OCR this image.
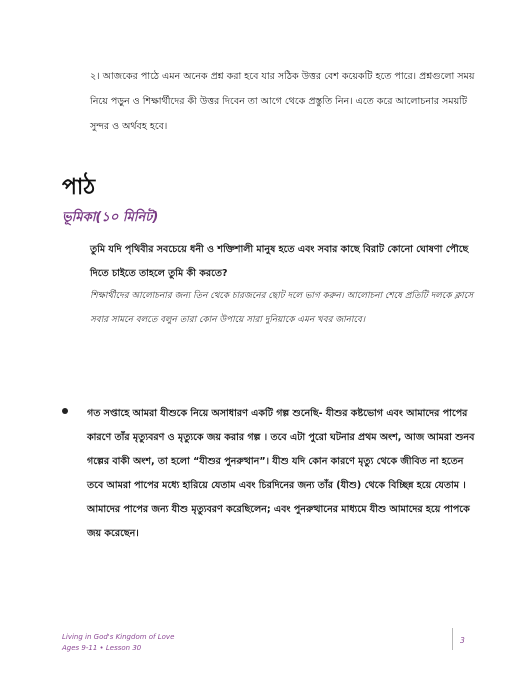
২। আজকের পাঠে এমন অনেক প্রশ্ন করা হবে যার সঠিক উত্তর বেশ কয়েকটি হতে পারে। প্রশ্নগুলো সময় নিয়ে পড়ুন ও শিক্ষার্থীদের কী উত্তর দিবেন তা আগে থেকে প্রস্তুতি নিন। এতে করে আলোচনার সময়টি সুন্দর ও অর্থবহ হবে।

পাঠ
ভূমিকা(১০ মিনিট)

তুমি যদি পৃথিবীর সবচেয়ে ধনী ও শক্তিশালী মানুষ হতে এবং সবার কাছে বিরাট কোনো ঘোষণা পৌছে দিতে চাইতে তাহলে তুমি কী করতে?

শিক্ষার্থীদের আলোচনার জন্য তিন থেকে চারজনের ছোট দলে ভাগ করুন। আলোচনা শেষে প্রতিটি দলকে ক্লাসে সবার সামনে বলতে বলুন তারা কোন উপায়ে সারা দুনিয়াকে এমন খবর জানাবে।

গত সপ্তাহে আমরা যীশুকে নিয়ে অসাধারণ একটি গল্প শুনেছি- যীশুর কষ্টভোগ এবং আমাদের পাপের কারণে তাঁর মৃত্যুবরণ ও মৃত্যুকে জয় করার গল্প । তবে এটা পুরো ঘটনার প্রথম অংশ, আজ আমরা শুনব গল্পের বাকী অংশ, তা হলো “যীশুর পুনরুত্থান”। যীশু যদি কোন কারণে মৃত্যু থেকে জীবিত না হতেন তবে আমরা পাপের মধ্যে হারিয়ে যেতাম এবং চিরদিনের জন্য তাঁর (যীশু) থেকে বিচ্ছিন্ন হয়ে যেতাম । আমাদের পাপের জন্য যীশু মৃত্যুবরণ করেছিলেন; এবং পুনরুত্থানের মাধ্যমে যীশু আমাদের হয়ে পাপকে জয় করেছেন।

Living in God's Kingdom of Love
Ages 9-11 • Lesson 30
3
